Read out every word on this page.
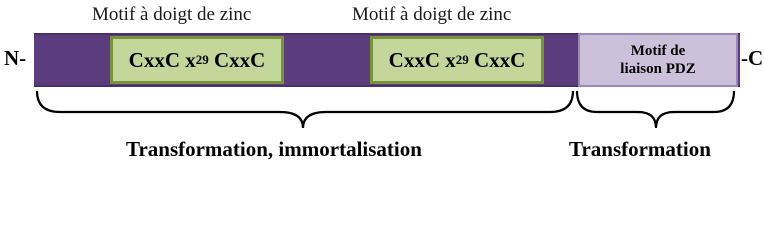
Motif à doigt de zinc	Motif à doigt de zinc
N-	-C
CxxC x 29 CxxC	CxxC x 29 CxxC	Motif de
liaison PDZ
Transformation, immortalisation	Transformation
